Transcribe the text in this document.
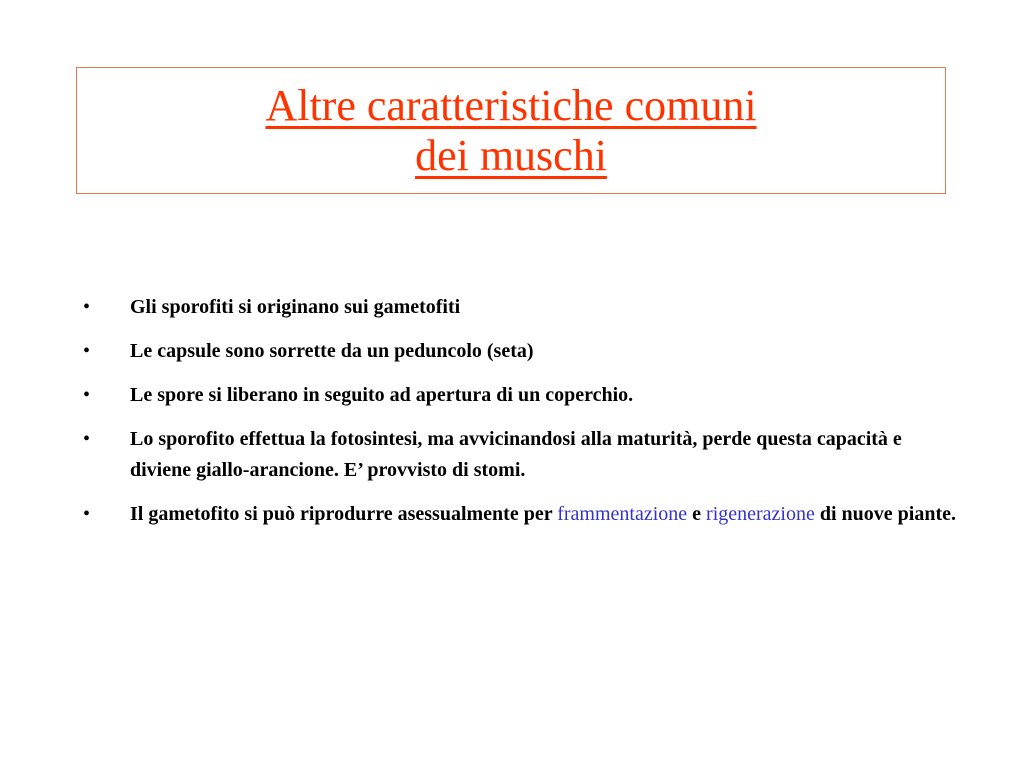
Altre caratteristiche comuni
dei muschi
• Gli sporofiti si originano sui gametofiti
• Le capsule sono sorrette da un peduncolo (seta)
• Le spore si liberano in seguito ad apertura di un coperchio.
• Lo sporofito effettua la fotosintesi, ma avvicinandosi alla maturità, perde questa capacità e diviene giallo-arancione. E’ provvisto di stomi.
• Il gametofito si può riprodurre asessualmente per frammentazione e rigenerazione di nuove piante.
